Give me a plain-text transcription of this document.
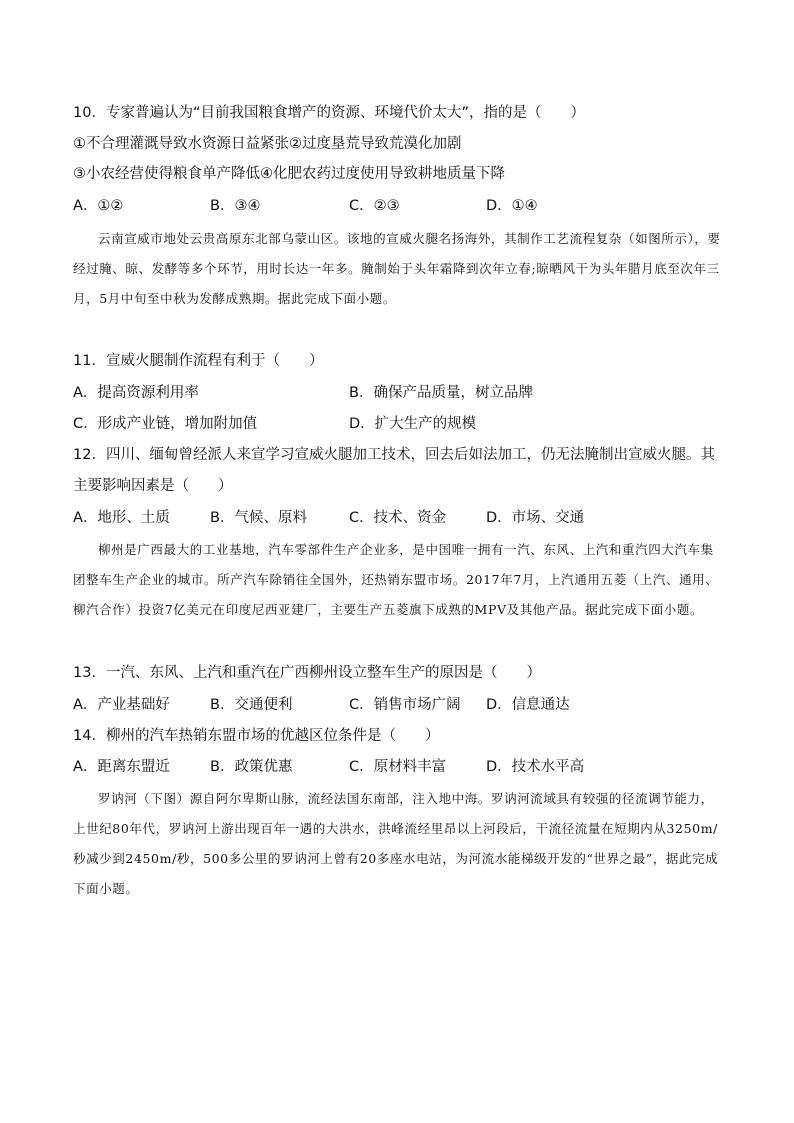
10．专家普遍认为“目前我国粮食增产的资源、环境代价太大”，指的是（　　）
①不合理灌溉导致水资源日益紧张②过度垦荒导致荒漠化加剧
③小农经营使得粮食单产降低④化肥农药过度使用导致耕地质量下降
A．①②	B．③④	C．②③	D．①④

云南宣威市地处云贵高原东北部乌蒙山区。该地的宣威火腿名扬海外，其制作工艺流程复杂（如图所示），要经过腌、晾、发酵等多个环节，用时长达一年多。腌制始于头年霜降到次年立春;晾晒风干为头年腊月底至次年三月，5月中旬至中秋为发酵成熟期。据此完成下面小题。

11．宣威火腿制作流程有利于（　　）
A．提高资源利用率	B．确保产品质量，树立品牌
C．形成产业链，增加附加值	D．扩大生产的规模
12．四川、缅甸曾经派人来宣学习宣威火腿加工技术，回去后如法加工，仍无法腌制出宣威火腿。其主要影响因素是（　　）
A．地形、土质	B．气候、原料	C．技术、资金	D．市场、交通

柳州是广西最大的工业基地，汽车零部件生产企业多，是中国唯一拥有一汽、东风、上汽和重汽四大汽车集团整车生产企业的城市。所产汽车除销往全国外，还热销东盟市场。2017年7月，上汽通用五菱（上汽、通用、柳汽合作）投资7亿美元在印度尼西亚建厂，主要生产五菱旗下成熟的MPV及其他产品。据此完成下面小题。

13．一汽、东风、上汽和重汽在广西柳州设立整车生产的原因是（　　）
A．产业基础好	B．交通便利	C．销售市场广阔 D．信息通达
14．柳州的汽车热销东盟市场的优越区位条件是（　　）
A．距离东盟近	B．政策优惠	C．原材料丰富	D．技术水平高

罗讷河（下图）源自阿尔卑斯山脉，流经法国东南部，注入地中海。罗讷河流域具有较强的径流调节能力，上世纪80年代，罗讷河上游出现百年一遇的大洪水，洪峰流经里昂以上河段后，干流径流量在短期内从3250m/秒减少到2450m/秒，500多公里的罗讷河上曾有20多座水电站，为河流水能梯级开发的“世界之最”，据此完成下面小题。
